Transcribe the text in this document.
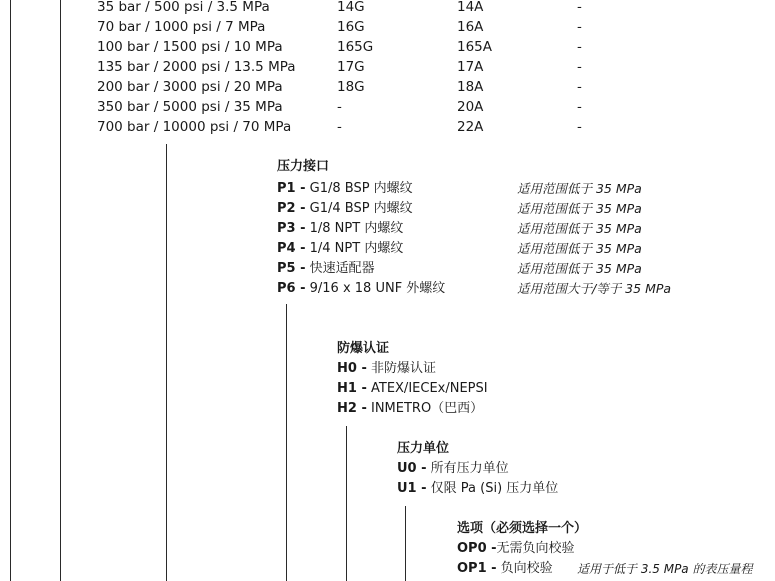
35 bar / 500 psi / 3.5 MPa	14G	14A	-
70 bar / 1000 psi / 7 MPa	16G	16A	-
100 bar / 1500 psi / 10 MPa	165G	165A	-
135 bar / 2000 psi / 13.5 MPa	17G	17A	-
200 bar / 3000 psi / 20 MPa	18G	18A	-
350 bar / 5000 psi / 35 MPa	-	20A	-
700 bar / 10000 psi / 70 MPa	-	22A	-
压力接口
P1 - G1/8 BSP 内螺纹	适用范围低于 35 MPa
P2 - G1/4 BSP 内螺纹	适用范围低于 35 MPa
P3 - 1/8 NPT 内螺纹	适用范围低于 35 MPa
P4 - 1/4 NPT 内螺纹	适用范围低于 35 MPa
P5 - 快速适配器	适用范围低于 35 MPa
P6 - 9/16 x 18 UNF 外螺纹	适用范围大于/等于 35 MPa
防爆认证
H0 - 非防爆认证
H1 - ATEX/IECEx/NEPSI
H2 - INMETRO（巴西）
压力单位
U0 - 所有压力单位
U1 - 仅限 Pa (Si) 压力单位
选项（必须选择一个）
OP0 -无需负向校验
OP1 - 负向校验 适用于低于 3.5 MPa 的表压量程
